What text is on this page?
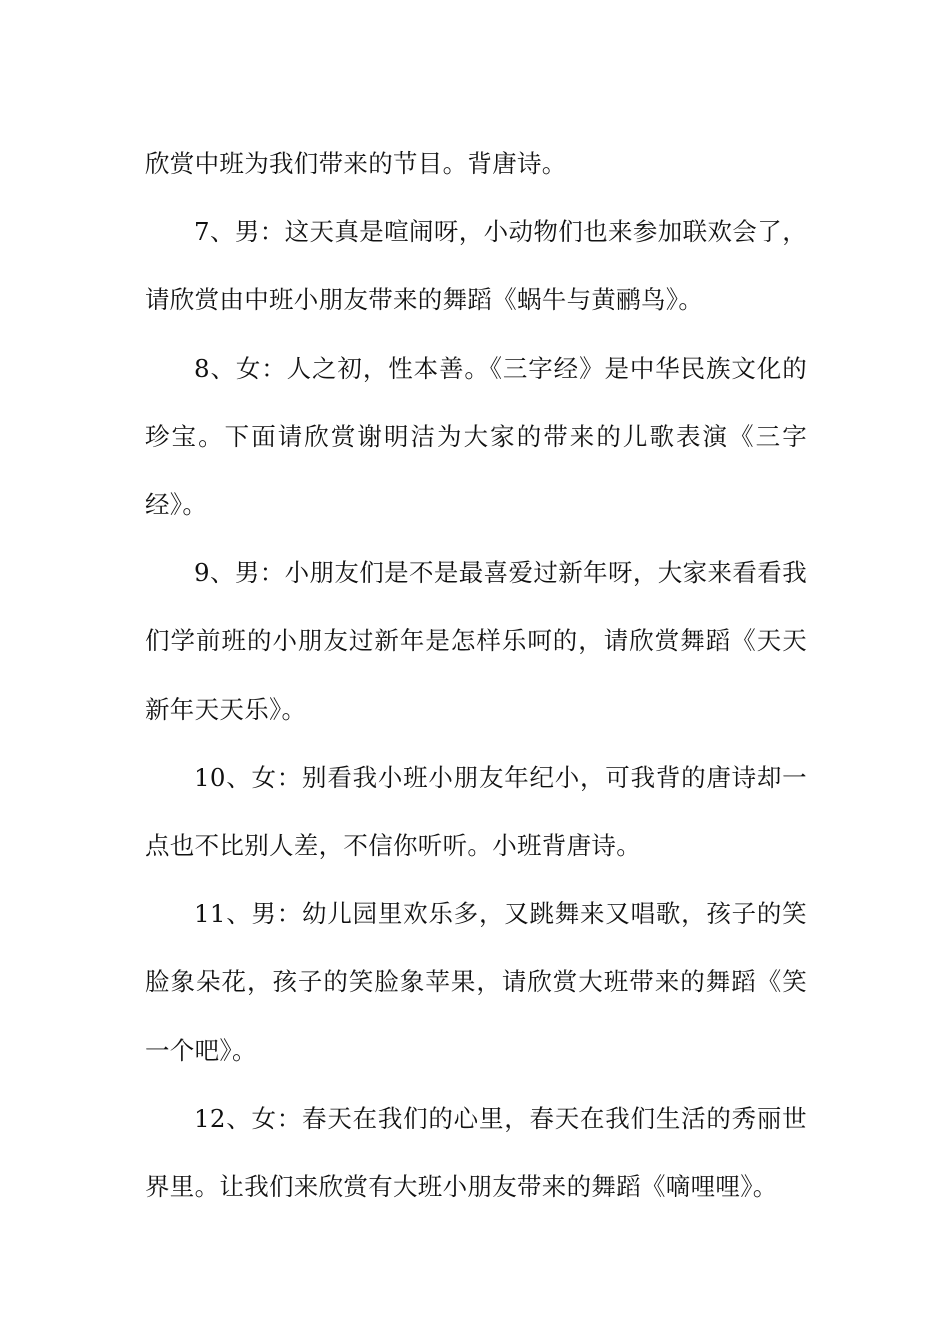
欣赏中班为我们带来的节目。背唐诗。

7、男：这天真是喧闹呀，小动物们也来参加联欢会了，请欣赏由中班小朋友带来的舞蹈《蜗牛与黄鹂鸟》。

8、女：人之初，性本善。《三字经》是中华民族文化的珍宝。下面请欣赏谢明洁为大家的带来的儿歌表演《三字经》。

9、男：小朋友们是不是最喜爱过新年呀，大家来看看我们学前班的小朋友过新年是怎样乐呵的，请欣赏舞蹈《天天新年天天乐》。

10、女：别看我小班小朋友年纪小，可我背的唐诗却一点也不比别人差，不信你听听。小班背唐诗。

11、男：幼儿园里欢乐多，又跳舞来又唱歌，孩子的笑脸象朵花，孩子的笑脸象苹果，请欣赏大班带来的舞蹈《笑一个吧》。

12、女：春天在我们的心里，春天在我们生活的秀丽世界里。让我们来欣赏有大班小朋友带来的舞蹈《嘀哩哩》。
